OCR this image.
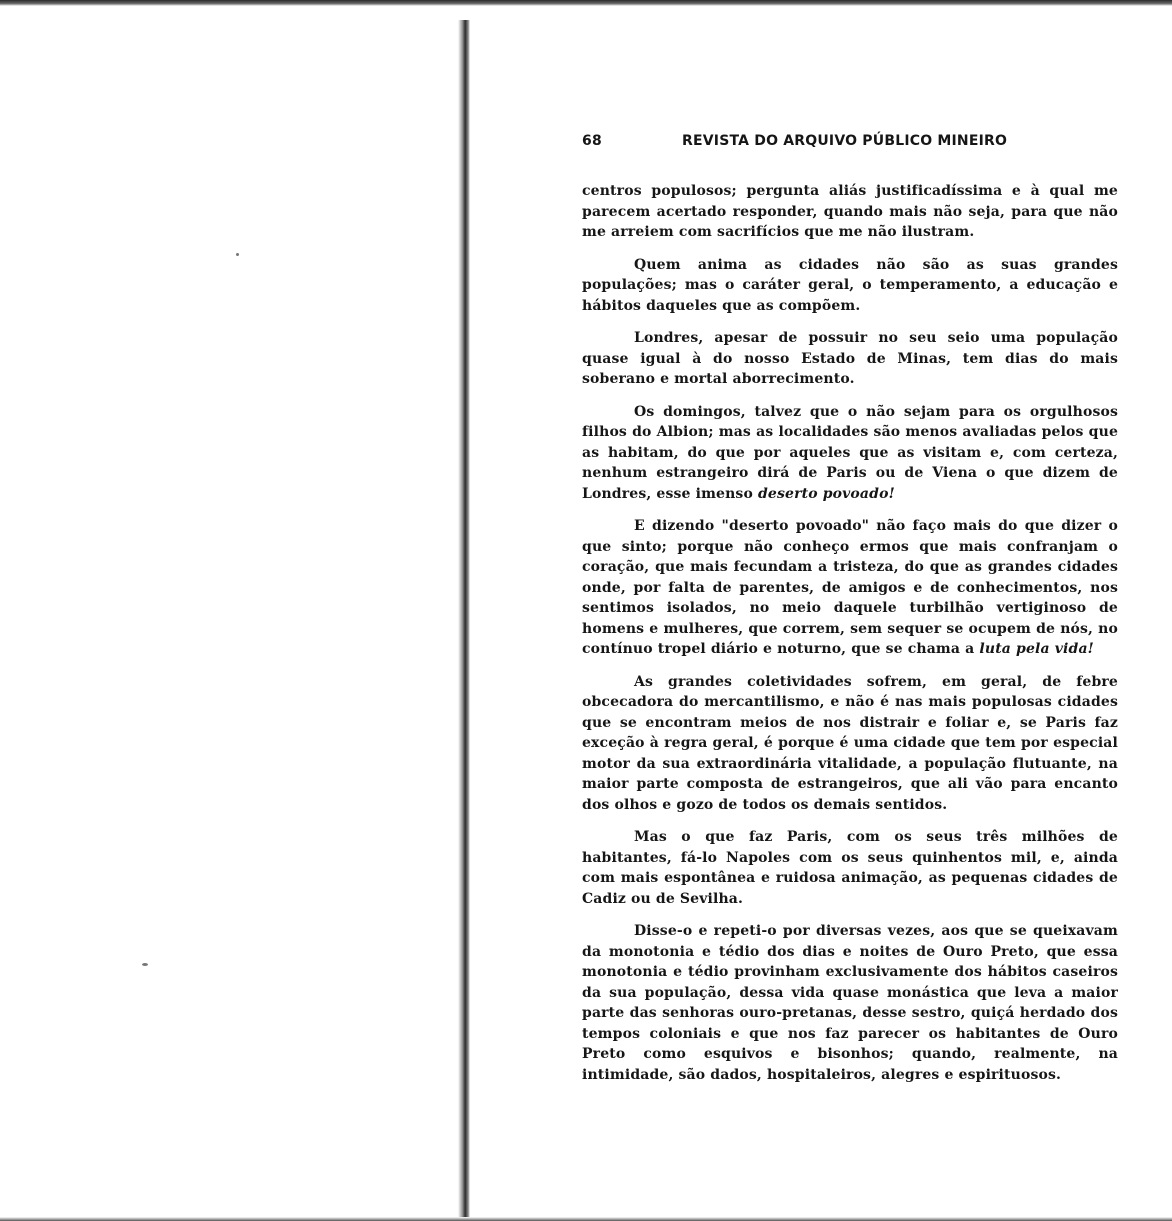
68	REVISTA DO ARQUIVO PÚBLICO MINEIRO

centros populosos; pergunta aliás justificadíssima e à qual me parecem acertado responder, quando mais não seja, para que não me arreiem com sacrifícios que me não ilustram.

Quem anima as cidades não são as suas grandes populações; mas o caráter geral, o temperamento, a educação e hábitos daqueles que as compõem.

Londres, apesar de possuir no seu seio uma população quase igual à do nosso Estado de Minas, tem dias do mais soberano e mortal aborrecimento.

Os domingos, talvez que o não sejam para os orgulhosos filhos do Albion; mas as localidades são menos avaliadas pelos que as habitam, do que por aqueles que as visitam e, com certeza, nenhum estrangeiro dirá de Paris ou de Viena o que dizem de Londres, esse imenso deserto povoado!

E dizendo "deserto povoado" não faço mais do que dizer o que sinto; porque não conheço ermos que mais confranjam o coração, que mais fecundam a tristeza, do que as grandes cidades onde, por falta de parentes, de amigos e de conhecimentos, nos sentimos isolados, no meio daquele turbilhão vertiginoso de homens e mulheres, que correm, sem sequer se ocupem de nós, no contínuo tropel diário e noturno, que se chama a luta pela vida!

As grandes coletividades sofrem, em geral, de febre obcecadora do mercantilismo, e não é nas mais populosas cidades que se encontram meios de nos distrair e foliar e, se Paris faz exceção à regra geral, é porque é uma cidade que tem por especial motor da sua extraordinária vitalidade, a população flutuante, na maior parte composta de estrangeiros, que ali vão para encanto dos olhos e gozo de todos os demais sentidos.

Mas o que faz Paris, com os seus três milhões de habitantes, fá-lo Napoles com os seus quinhentos mil, e, ainda com mais espontânea e ruidosa animação, as pequenas cidades de Cadiz ou de Sevilha.

Disse-o e repeti-o por diversas vezes, aos que se queixavam da monotonia e tédio dos dias e noites de Ouro Preto, que essa monotonia e tédio provinham exclusivamente dos hábitos caseiros da sua população, dessa vida quase monástica que leva a maior parte das senhoras ouro-pretanas, desse sestro, quiçá herdado dos tempos coloniais e que nos faz parecer os habitantes de Ouro Preto como esquivos e bisonhos; quando, realmente, na intimidade, são dados, hospitaleiros, alegres e espirituosos.
